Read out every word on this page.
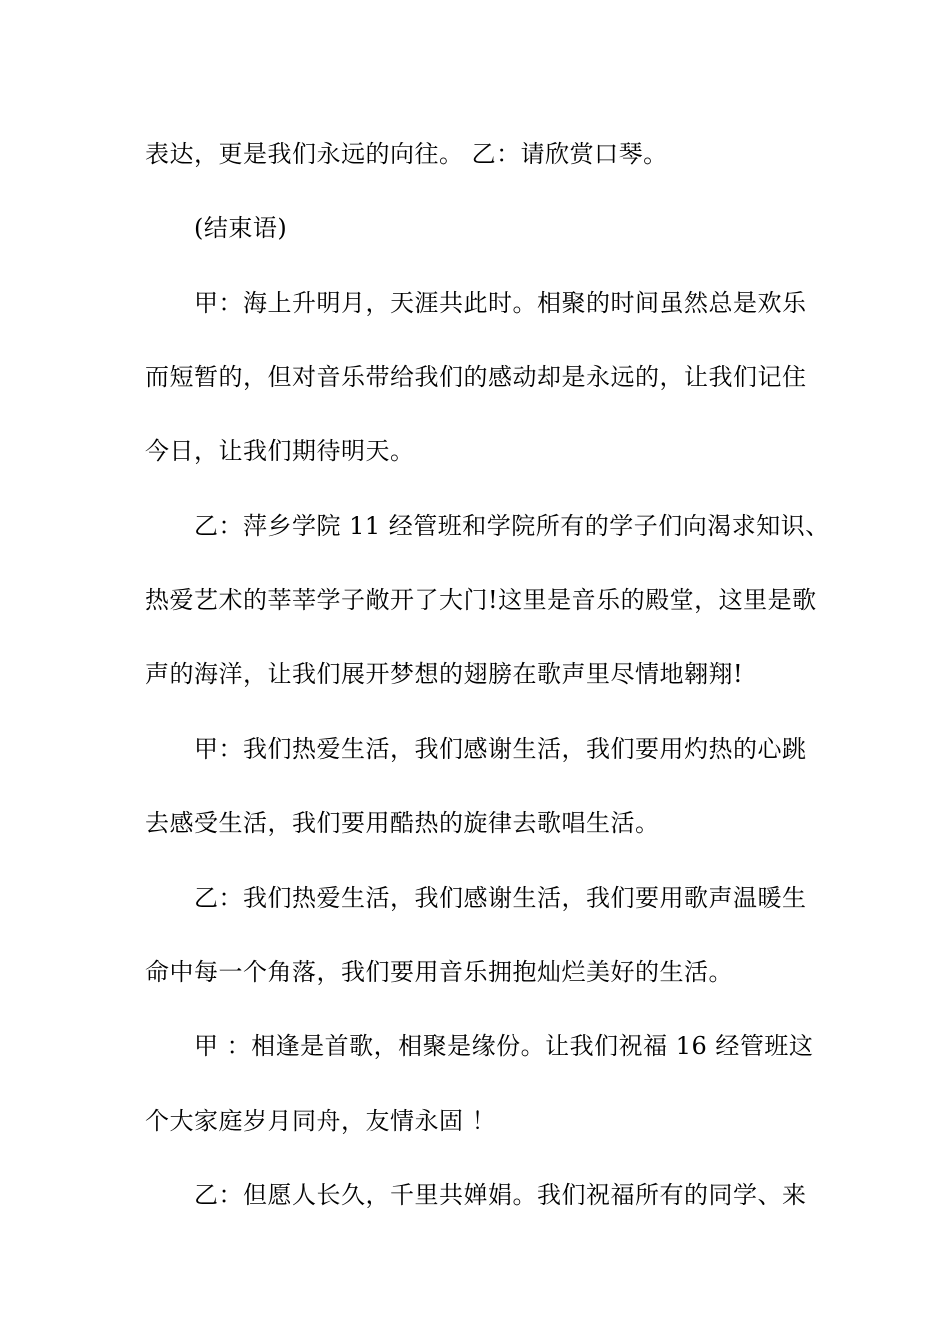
表达，更是我们永远的向往。 乙：请欣赏口琴。
(结束语)
甲：海上升明月，天涯共此时。相聚的时间虽然总是欢乐
而短暂的，但对音乐带给我们的感动却是永远的，让我们记住
今日，让我们期待明天。
乙：萍乡学院 11 经管班和学院所有的学子们向渴求知识、
热爱艺术的莘莘学子敞开了大门!这里是音乐的殿堂，这里是歌
声的海洋，让我们展开梦想的翅膀在歌声里尽情地翱翔!
甲：我们热爱生活，我们感谢生活，我们要用灼热的心跳
去感受生活，我们要用酷热的旋律去歌唱生活。
乙：我们热爱生活，我们感谢生活，我们要用歌声温暖生
命中每一个角落，我们要用音乐拥抱灿烂美好的生活。
甲 ：相逢是首歌，相聚是缘份。让我们祝福 16 经管班这
个大家庭岁月同舟，友情永固 ！
乙：但愿人长久，千里共婵娟。我们祝福所有的同学、来
